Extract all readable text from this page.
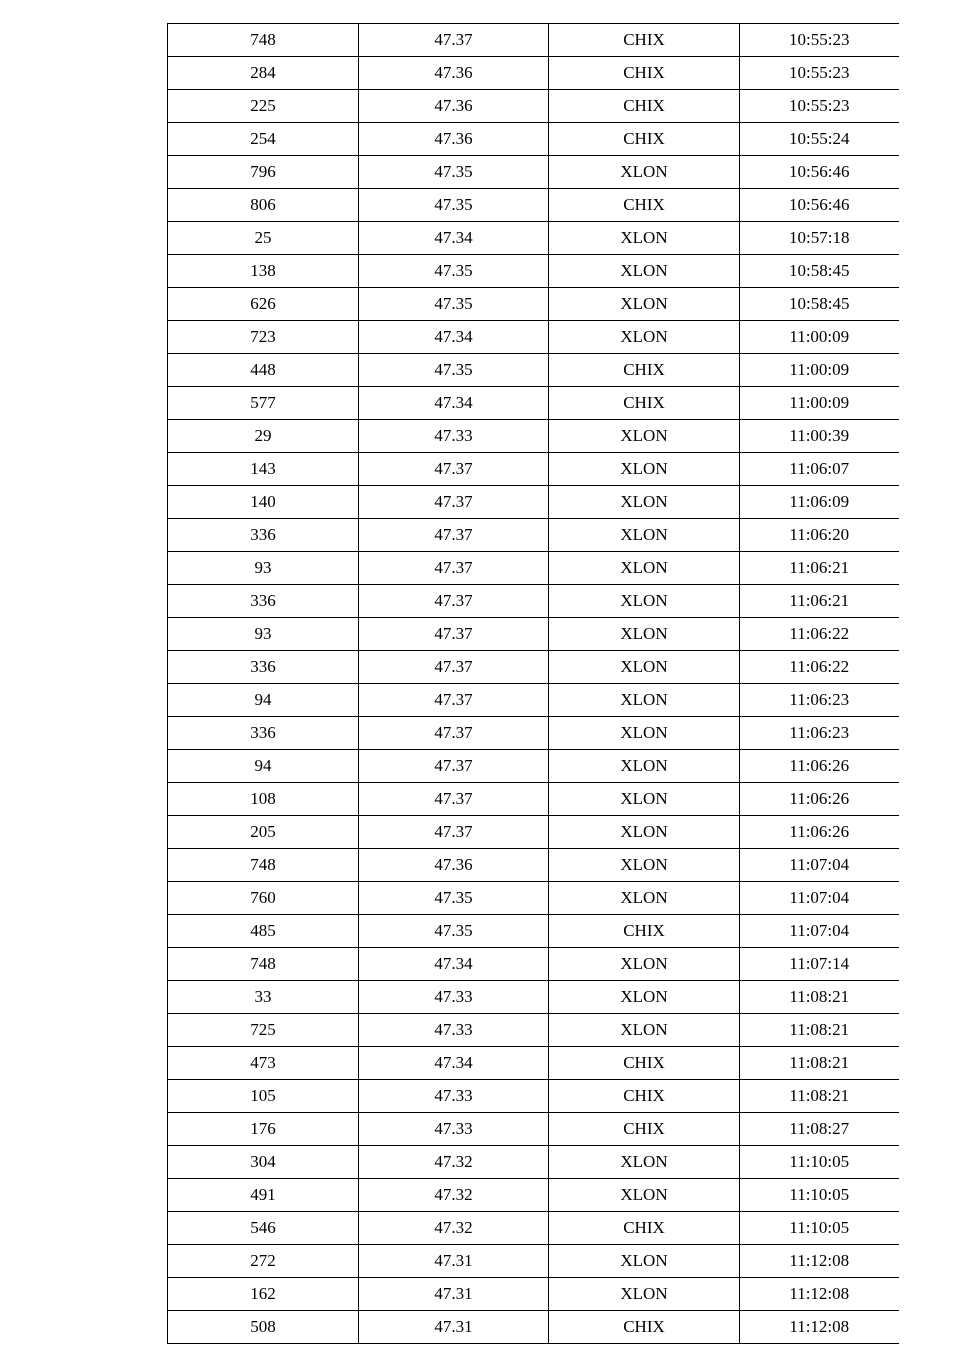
748	47.37	CHIX	10:55:23
284	47.36	CHIX	10:55:23
225	47.36	CHIX	10:55:23
254	47.36	CHIX	10:55:24
796	47.35	XLON	10:56:46
806	47.35	CHIX	10:56:46
25	47.34	XLON	10:57:18
138	47.35	XLON	10:58:45
626	47.35	XLON	10:58:45
723	47.34	XLON	11:00:09
448	47.35	CHIX	11:00:09
577	47.34	CHIX	11:00:09
29	47.33	XLON	11:00:39
143	47.37	XLON	11:06:07
140	47.37	XLON	11:06:09
336	47.37	XLON	11:06:20
93	47.37	XLON	11:06:21
336	47.37	XLON	11:06:21
93	47.37	XLON	11:06:22
336	47.37	XLON	11:06:22
94	47.37	XLON	11:06:23
336	47.37	XLON	11:06:23
94	47.37	XLON	11:06:26
108	47.37	XLON	11:06:26
205	47.37	XLON	11:06:26
748	47.36	XLON	11:07:04
760	47.35	XLON	11:07:04
485	47.35	CHIX	11:07:04
748	47.34	XLON	11:07:14
33	47.33	XLON	11:08:21
725	47.33	XLON	11:08:21
473	47.34	CHIX	11:08:21
105	47.33	CHIX	11:08:21
176	47.33	CHIX	11:08:27
304	47.32	XLON	11:10:05
491	47.32	XLON	11:10:05
546	47.32	CHIX	11:10:05
272	47.31	XLON	11:12:08
162	47.31	XLON	11:12:08
508	47.31	CHIX	11:12:08
